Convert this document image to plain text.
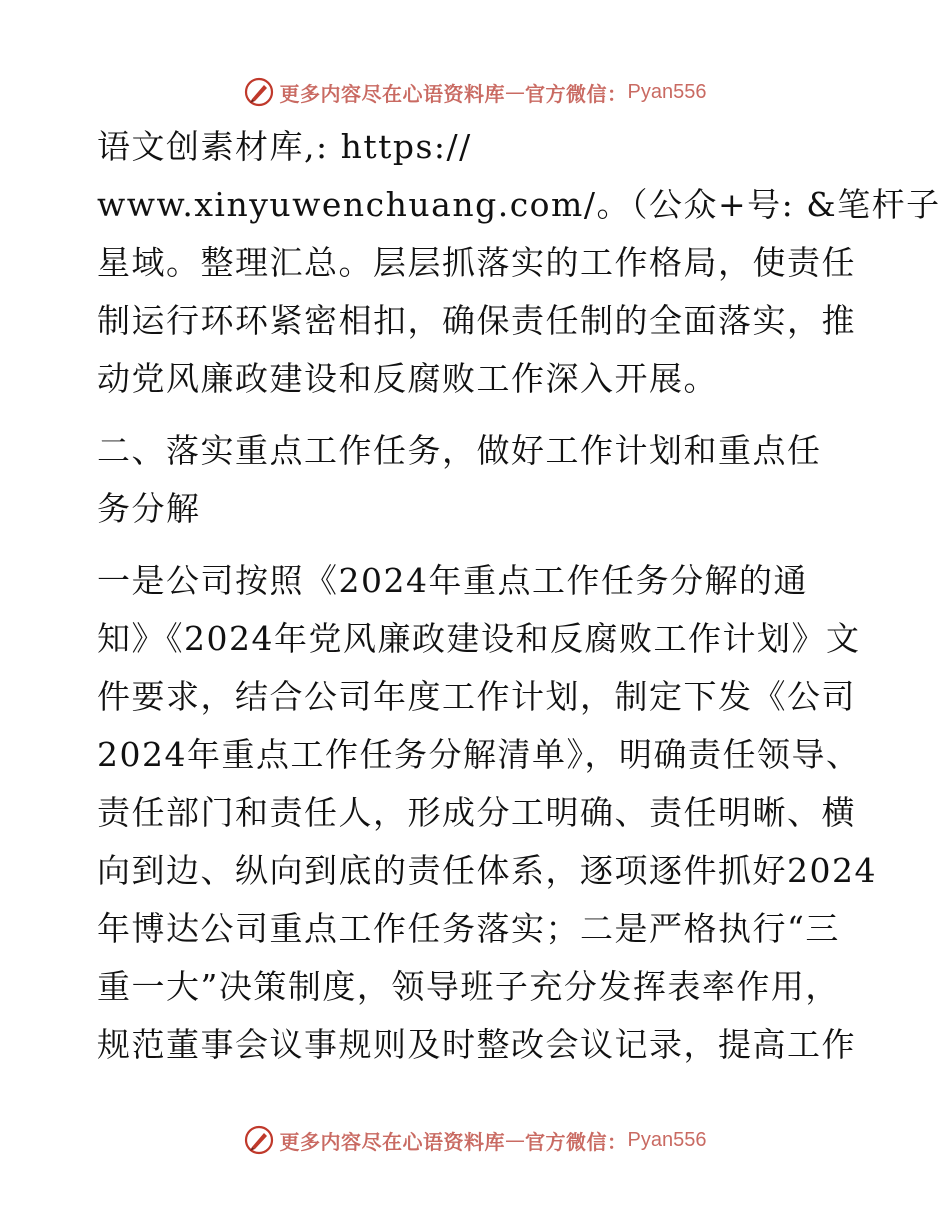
更多内容尽在心语资料库 — 官方微信： Pyan556
语文创素材库,: https://
www.xinyuwenchuang.com/。（公众+号: &笔杆子
星域。整理汇总。层层抓落实的工作格局，使责任
制运行环环紧密相扣，确保责任制的全面落实，推
动党风廉政建设和反腐败工作深入开展。
二、落实重点工作任务，做好工作计划和重点任
务分解
一是公司按照《2024年重点工作任务分解的通
知》《2024年党风廉政建设和反腐败工作计划》文
件要求，结合公司年度工作计划，制定下发《公司
2024年重点工作任务分解清单》，明确责任领导、
责任部门和责任人，形成分工明确、责任明晰、横
向到边、纵向到底的责任体系，逐项逐件抓好2024
年博达公司重点工作任务落实；二是严格执行“三
重一大”决策制度，领导班子充分发挥表率作用，
规范董事会议事规则及时整改会议记录，提高工作
更多内容尽在心语资料库 — 官方微信： Pyan556
